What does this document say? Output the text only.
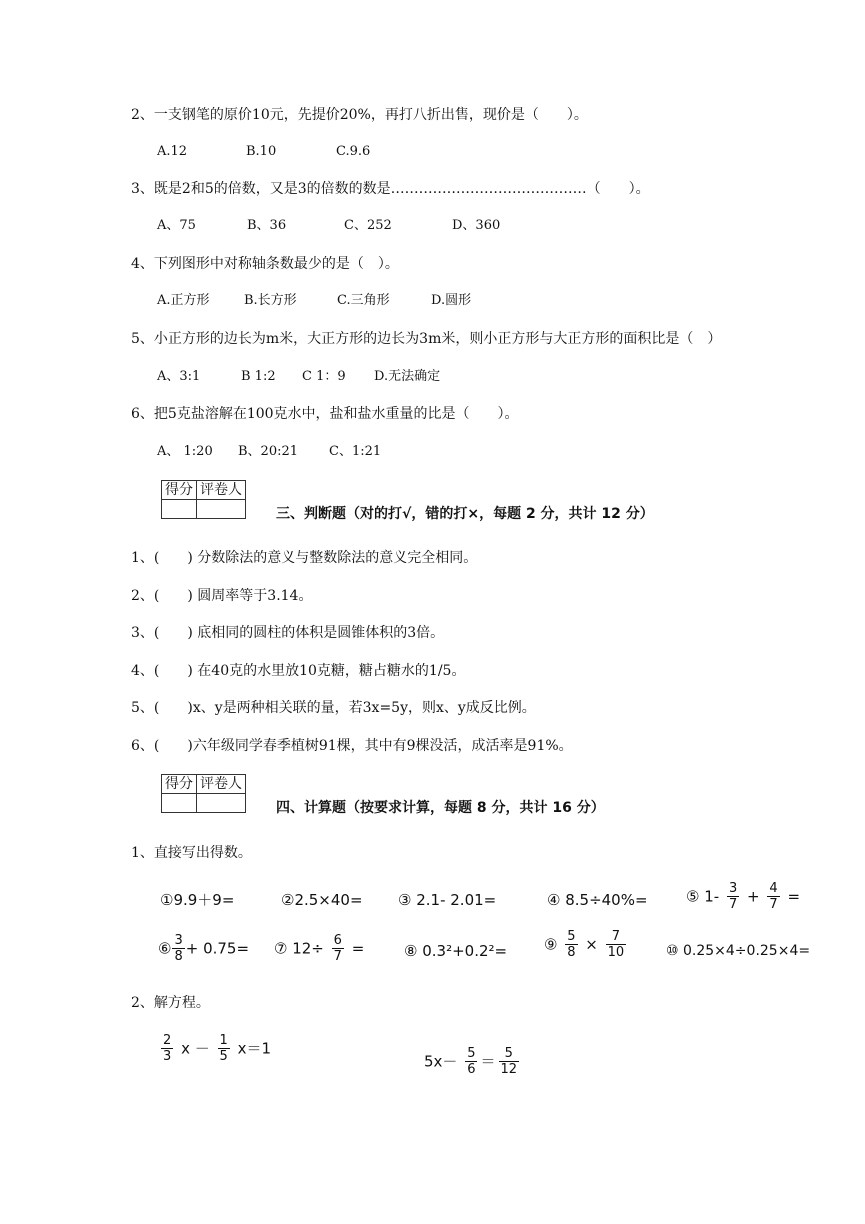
2、一支钢笔的原价10元，先提价20%，再打八折出售，现价是（　　）。
A.12	B.10	C.9.6
3、既是2和5的倍数，又是3的倍数的数是……………………………………（　　）。
A、75	B、36	C、252	D、360
4、下列图形中对称轴条数最少的是（　）。
A.正方形	B.长方形	C.三角形	D.圆形
5、小正方形的边长为m米，大正方形的边长为3m米，则小正方形与大正方形的面积比是（　）
A、3:1	B 1:2 C 1：9 D.无法确定
6、把5克盐溶解在100克水中，盐和盐水重量的比是（　　）。
A、 1:20 B、20:21 C、1:21
得分	评卷人

三、判断题（对的打√，错的打×，每题 2 分，共计 12 分）
1、(　　) 分数除法的意义与整数除法的意义完全相同。
2、(　　) 圆周率等于3.14。
3、(　　) 底相同的圆柱的体积是圆锥体积的3倍。
4、(　　) 在40克的水里放10克糖，糖占糖水的1/5。
5、(　　)x、y是两种相关联的量，若3x=5y，则x、y成反比例。
6、(　　)六年级同学春季植树91棵，其中有9棵没活，成活率是91%。
得分	评卷人

四、计算题（按要求计算，每题 8 分，共计 16 分）
1、直接写出得数。
①9.9＋9=	②2.5×40= ③ 2.1- 2.01=	④ 8.5÷40%=	⑤ $1- \frac{3}{7} + \frac{4}{7}$ =
⑥ $\frac{3}{8} + 0.75=$ ⑦ $12\div \frac{6}{7}$ =	⑧ 0.3²+0.2²= ⑨ $\frac{5}{8} \times \frac{7}{10}$	⑩ 0.25×4÷0.25×4=
2、解方程。
$\frac{2}{3}$ $x - \frac{1}{5} x=1$
$5x- \frac{5}{6} = \frac{5}{12}$
